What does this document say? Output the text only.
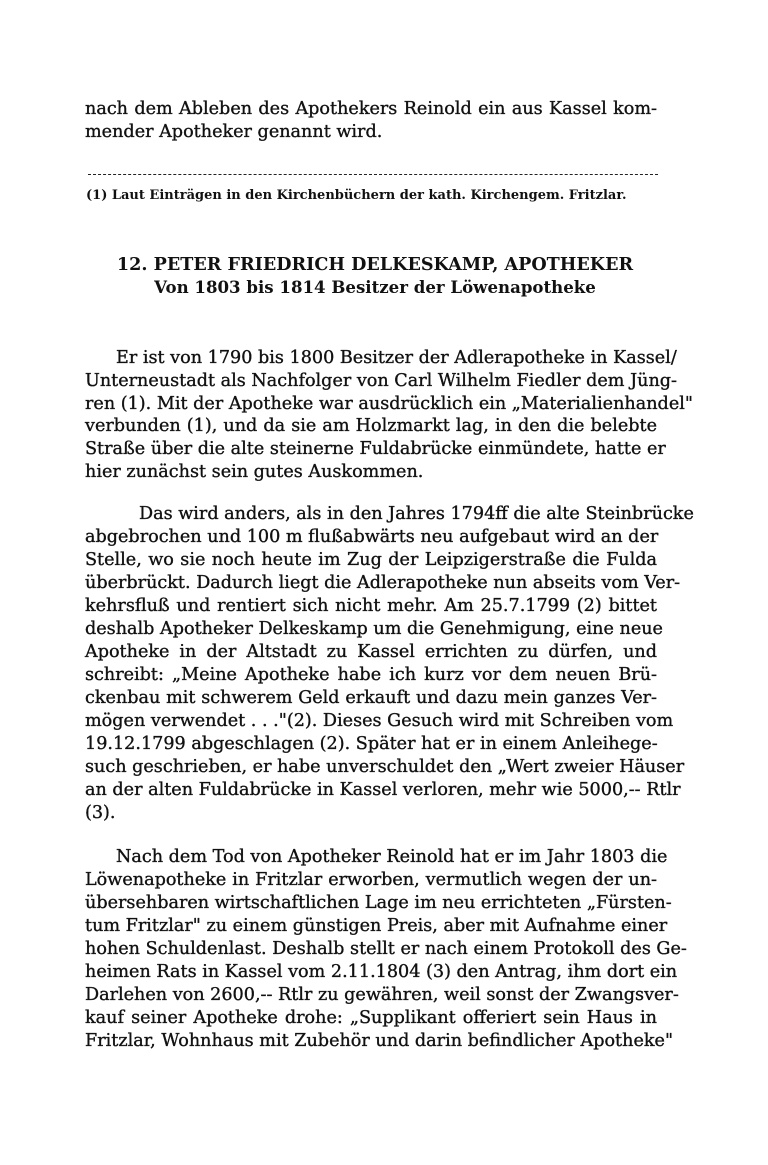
nach dem Ableben des Apothekers Reinold ein aus Kassel kom-
mender Apotheker genannt wird.
(1) Laut Einträgen in den Kirchenbüchern der kath. Kirchengem. Fritzlar.
12. PETER FRIEDRICH DELKESKAMP, APOTHEKER
Von 1803 bis 1814 Besitzer der Löwenapotheke
Er ist von 1790 bis 1800 Besitzer der Adlerapotheke in Kassel/
Unterneustadt als Nachfolger von Carl Wilhelm Fiedler dem Jüng-
ren (1). Mit der Apotheke war ausdrücklich ein „Materialienhandel"
verbunden (1), und da sie am Holzmarkt lag, in den die belebte
Straße über die alte steinerne Fuldabrücke einmündete, hatte er
hier zunächst sein gutes Auskommen.
Das wird anders, als in den Jahres 1794ff die alte Steinbrücke
abgebrochen und 100 m flußabwärts neu aufgebaut wird an der
Stelle, wo sie noch heute im Zug der Leipzigerstraße die Fulda
überbrückt. Dadurch liegt die Adlerapotheke nun abseits vom Ver-
kehrsfluß und rentiert sich nicht mehr. Am 25.7.1799 (2) bittet
deshalb Apotheker Delkeskamp um die Genehmigung, eine neue
Apotheke in der Altstadt zu Kassel errichten zu dürfen, und
schreibt: „Meine Apotheke habe ich kurz vor dem neuen Brü-
ckenbau mit schwerem Geld erkauft und dazu mein ganzes Ver-
mögen verwendet . . ."(2). Dieses Gesuch wird mit Schreiben vom
19.12.1799 abgeschlagen (2). Später hat er in einem Anleihege-
such geschrieben, er habe unverschuldet den „Wert zweier Häuser
an der alten Fuldabrücke in Kassel verloren, mehr wie 5000,-- Rtlr
(3).
Nach dem Tod von Apotheker Reinold hat er im Jahr 1803 die
Löwenapotheke in Fritzlar erworben, vermutlich wegen der un-
übersehbaren wirtschaftlichen Lage im neu errichteten „Fürsten-
tum Fritzlar" zu einem günstigen Preis, aber mit Aufnahme einer
hohen Schuldenlast. Deshalb stellt er nach einem Protokoll des Ge-
heimen Rats in Kassel vom 2.11.1804 (3) den Antrag, ihm dort ein
Darlehen von 2600,-- Rtlr zu gewähren, weil sonst der Zwangsver-
kauf seiner Apotheke drohe: „Supplikant offeriert sein Haus in
Fritzlar, Wohnhaus mit Zubehör und darin befindlicher Apotheke"
